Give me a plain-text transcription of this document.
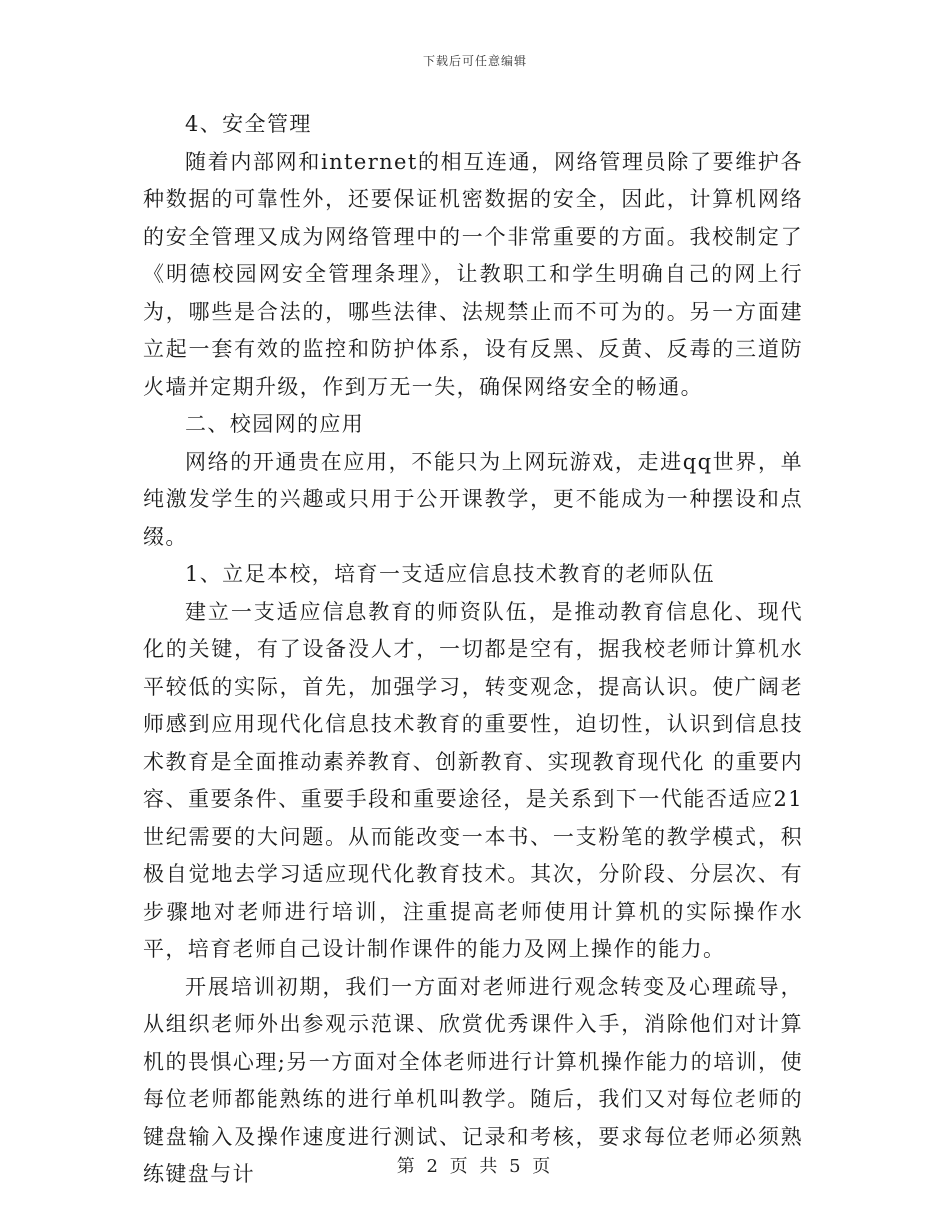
下载后可任意编辑

4、安全管理

随着内部网和internet的相互连通，网络管理员除了要维护各种数据的可靠性外，还要保证机密数据的安全，因此，计算机网络的安全管理又成为网络管理中的一个非常重要的方面。我校制定了《明德校园网安全管理条理》，让教职工和学生明确自己的网上行为，哪些是合法的，哪些法律、法规禁止而不可为的。另一方面建立起一套有效的监控和防护体系，设有反黑、反黄、反毒的三道防火墙并定期升级，作到万无一失，确保网络安全的畅通。

二、校园网的应用

网络的开通贵在应用，不能只为上网玩游戏，走进qq世界，单纯激发学生的兴趣或只用于公开课教学，更不能成为一种摆设和点缀。

1、立足本校，培育一支适应信息技术教育的老师队伍

建立一支适应信息教育的师资队伍，是推动教育信息化、现代化的关键，有了设备没人才，一切都是空有，据我校老师计算机水平较低的实际，首先，加强学习，转变观念，提高认识。使广阔老师感到应用现代化信息技术教育的重要性，迫切性，认识到信息技术教育是全面推动素养教育、创新教育、实现教育现代化 的重要内容、重要条件、重要手段和重要途径，是关系到下一代能否适应21世纪需要的大问题。从而能改变一本书、一支粉笔的教学模式，积极自觉地去学习适应现代化教育技术。其次，分阶段、分层次、有步骤地对老师进行培训，注重提高老师使用计算机的实际操作水平，培育老师自己设计制作课件的能力及网上操作的能力。

开展培训初期，我们一方面对老师进行观念转变及心理疏导，从组织老师外出参观示范课、欣赏优秀课件入手，消除他们对计算机的畏惧心理;另一方面对全体老师进行计算机操作能力的培训，使每位老师都能熟练的进行单机叫教学。随后，我们又对每位老师的键盘输入及操作速度进行测试、记录和考核，要求每位老师必须熟练键盘与计	第 2 页 共 5 页
